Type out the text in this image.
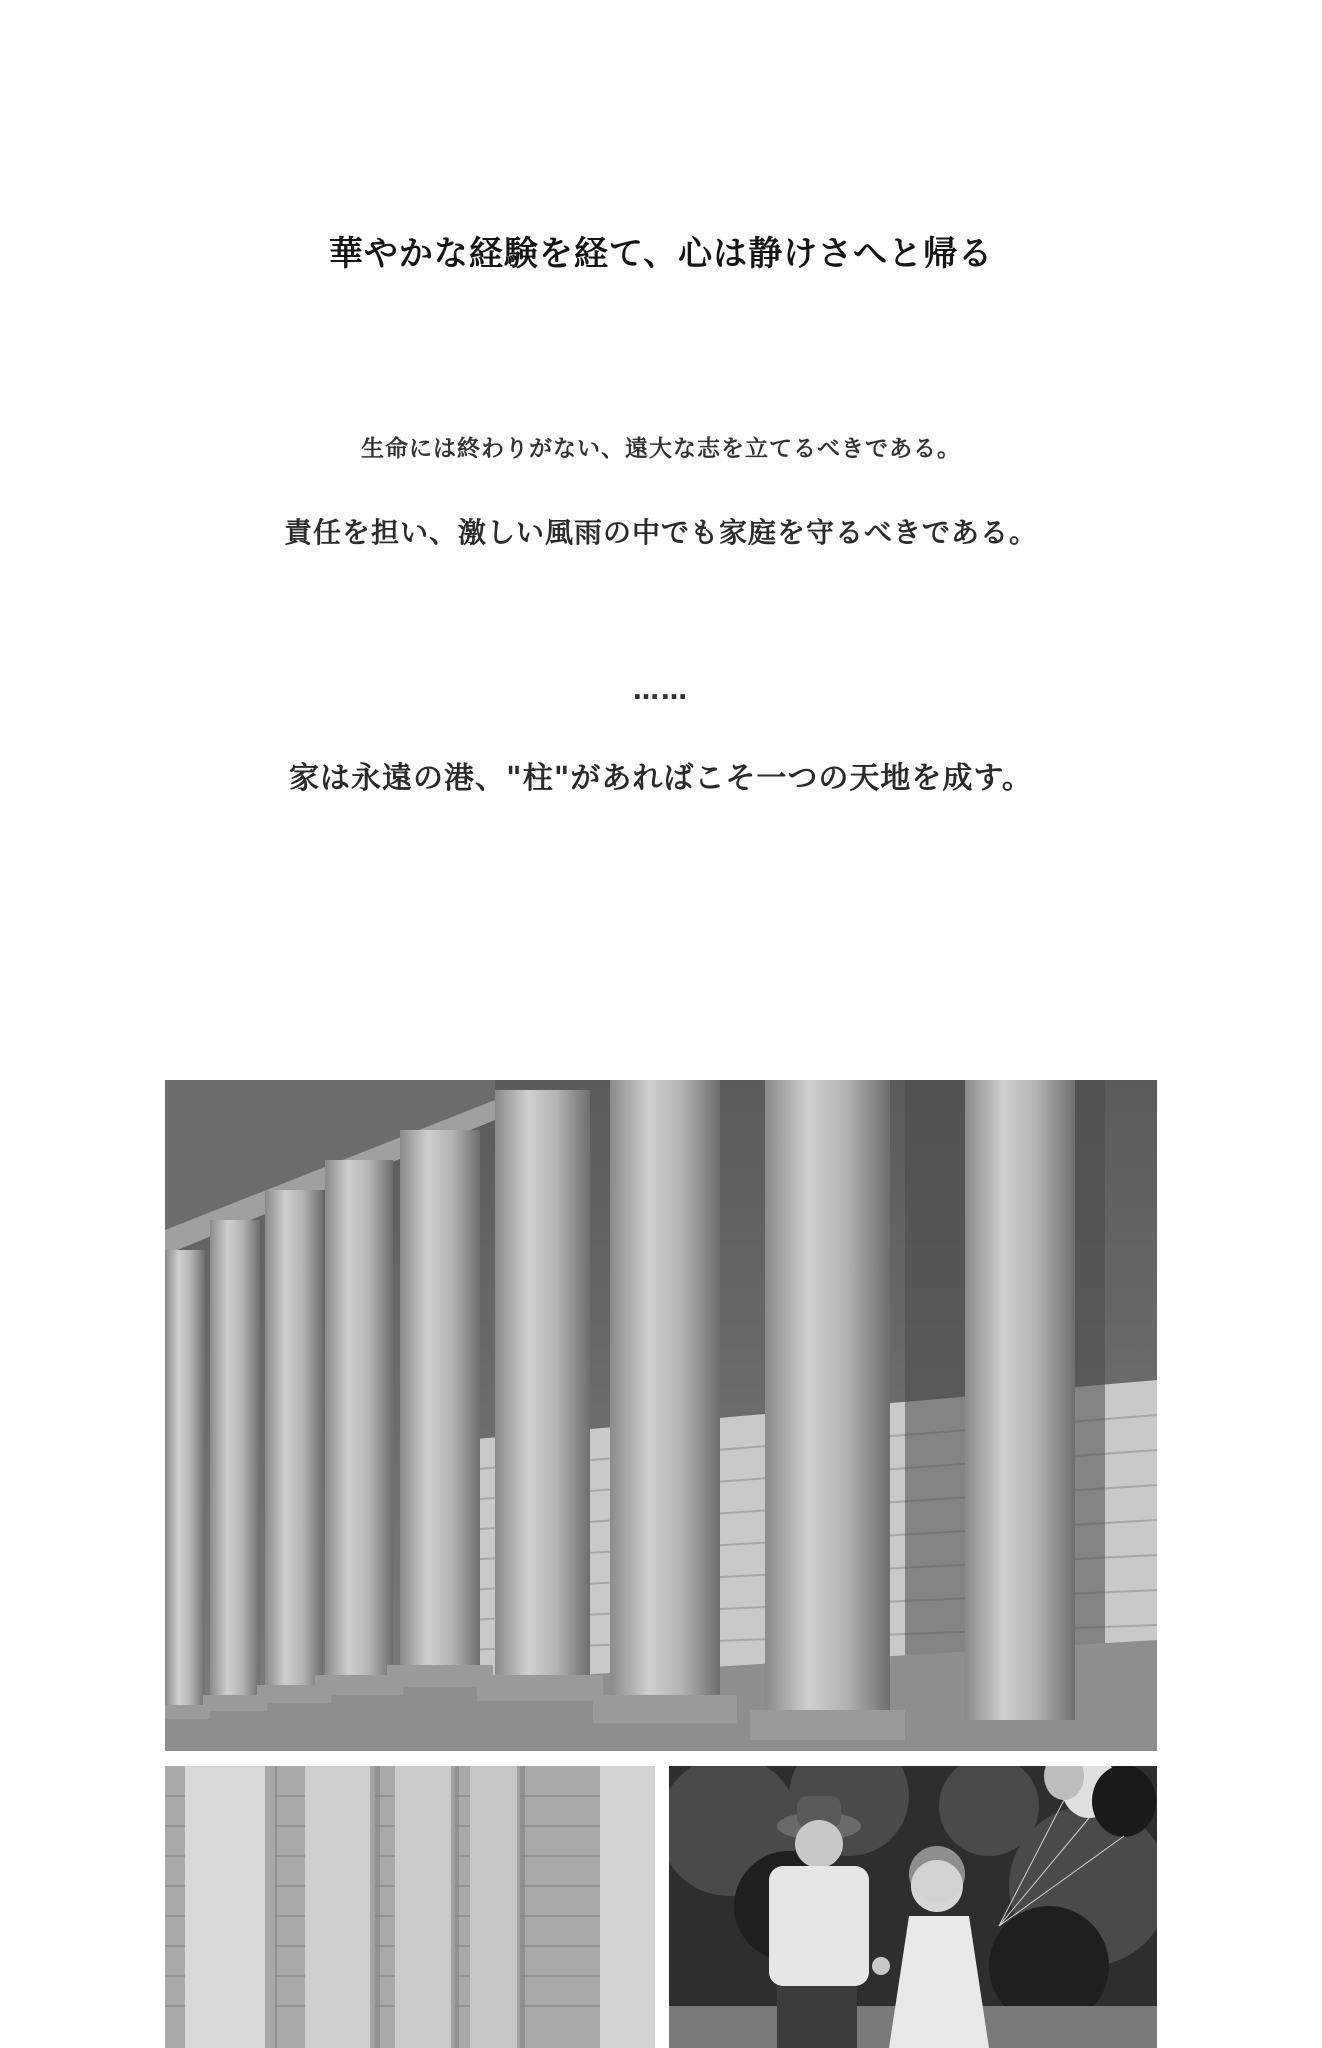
華やかな経験を経て、心は静けさへと帰る
生命には終わりがない、遠大な志を立てるべきである。
責任を担い、激しい風雨の中でも家庭を守るべきである。
……
家は永遠の港、"柱"があればこそ一つの天地を成す。
